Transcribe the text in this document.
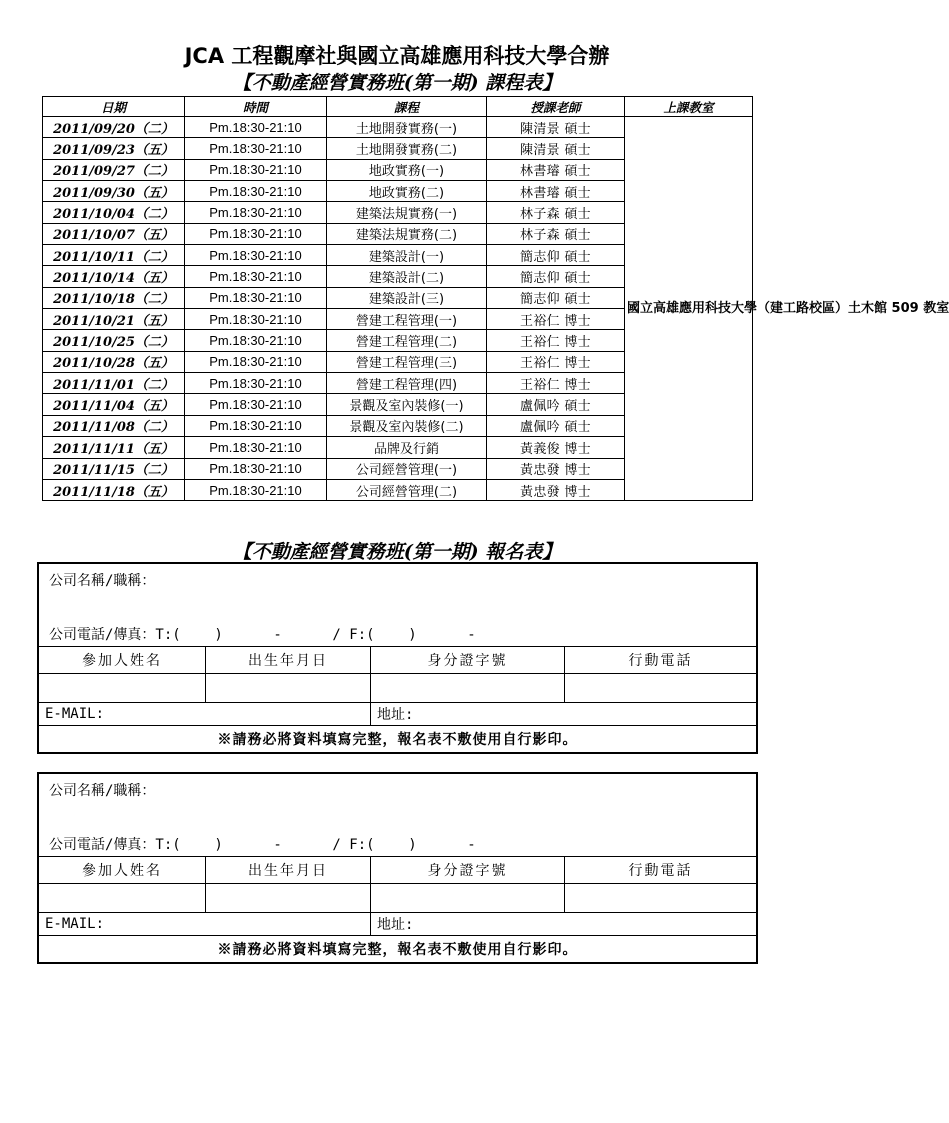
JCA 工程觀摩社與國立高雄應用科技大學合辦
【不動產經營實務班(第一期) 課程表】
日期	時間	課程	授課老師	上課教室
2011/09/20（二）	Pm.18:30-21:10	土地開發實務(一)	陳清景 碩士	國立高雄應用科技大學（建工路校區）土木館 509 教室
2011/09/23（五）	Pm.18:30-21:10	土地開發實務(二)	陳清景 碩士	
2011/09/27（二）	Pm.18:30-21:10	地政實務(一)	林書璿 碩士	
2011/09/30（五）	Pm.18:30-21:10	地政實務(二)	林書璿 碩士	
2011/10/04（二）	Pm.18:30-21:10	建築法規實務(一)	林子森 碩士	
2011/10/07（五）	Pm.18:30-21:10	建築法規實務(二)	林子森 碩士	
2011/10/11（二）	Pm.18:30-21:10	建築設計(一)	簡志仰 碩士	
2011/10/14（五）	Pm.18:30-21:10	建築設計(二)	簡志仰 碩士	
2011/10/18（二）	Pm.18:30-21:10	建築設計(三)	簡志仰 碩士	
2011/10/21（五）	Pm.18:30-21:10	營建工程管理(一)	王裕仁 博士	
2011/10/25（二）	Pm.18:30-21:10	營建工程管理(二)	王裕仁 博士	
2011/10/28（五）	Pm.18:30-21:10	營建工程管理(三)	王裕仁 博士	
2011/11/01（二）	Pm.18:30-21:10	營建工程管理(四)	王裕仁 博士	
2011/11/04（五）	Pm.18:30-21:10	景觀及室內裝修(一)	盧佩吟 碩士	
2011/11/08（二）	Pm.18:30-21:10	景觀及室內裝修(二)	盧佩吟 碩士	
2011/11/11（五）	Pm.18:30-21:10	品牌及行銷	黃義俊 博士	
2011/11/15（二）	Pm.18:30-21:10	公司經營管理(一)	黃忠發 博士	
2011/11/18（五）	Pm.18:30-21:10	公司經營管理(二)	黃忠發 博士	
【不動產經營實務班(第一期) 報名表】
公司名稱/職稱：
公司電話/傳真：T:(    )      -      / F:(    )      -
參加人姓名	出生年月日	身分證字號	行動電話
E-MAIL:	地址:
※請務必將資料填寫完整，報名表不敷使用自行影印。
公司名稱/職稱：
公司電話/傳真：T:(    )      -      / F:(    )      -
參加人姓名	出生年月日	身分證字號	行動電話
E-MAIL:	地址:
※請務必將資料填寫完整，報名表不敷使用自行影印。
